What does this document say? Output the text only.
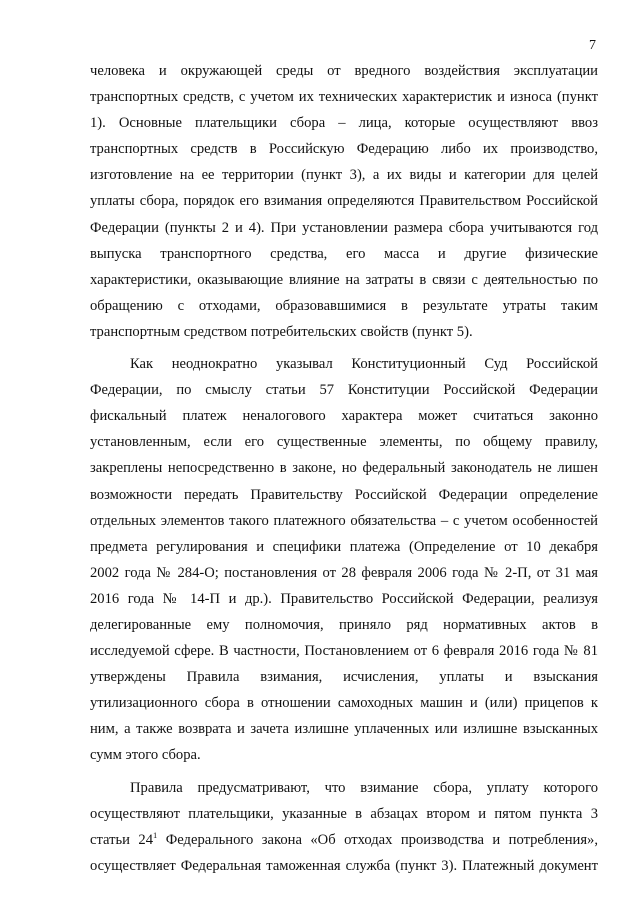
7
человека и окружающей среды от вредного воздействия эксплуатации
транспортных средств, с учетом их технических характеристик и износа (пункт
1). Основные плательщики сбора – лица, которые осуществляют ввоз
транспортных средств в Российскую Федерацию либо их производство,
изготовление на ее территории (пункт 3), а их виды и категории для целей
уплаты сбора, порядок его взимания определяются Правительством Российской
Федерации (пункты 2 и 4). При установлении размера сбора учитываются год
выпуска транспортного средства, его масса и другие физические
характеристики, оказывающие влияние на затраты в связи с деятельностью по
обращению с отходами, образовавшимися в результате утраты таким
транспортным средством потребительских свойств (пункт 5).
Как неоднократно указывал Конституционный Суд Российской
Федерации, по смыслу статьи 57 Конституции Российской Федерации
фискальный платеж неналогового характера может считаться законно
установленным, если его существенные элементы, по общему правилу,
закреплены непосредственно в законе, но федеральный законодатель не лишен
возможности передать Правительству Российской Федерации определение
отдельных элементов такого платежного обязательства – с учетом особенностей
предмета регулирования и специфики платежа (Определение от 10 декабря
2002 года № 284-О; постановления от 28 февраля 2006 года № 2-П, от 31 мая
2016 года № 14-П и др.). Правительство Российской Федерации, реализуя
делегированные ему полномочия, приняло ряд нормативных актов в
исследуемой сфере. В частности, Постановлением от 6 февраля 2016 года № 81
утверждены Правила взимания, исчисления, уплаты и взыскания
утилизационного сбора в отношении самоходных машин и (или) прицепов к
ним, а также возврата и зачета излишне уплаченных или излишне взысканных
сумм этого сбора.
Правила предусматривают, что взимание сбора, уплату которого
осуществляют плательщики, указанные в абзацах втором и пятом пункта 3
статьи $24^1$ Федерального закона «Об отходах производства и потребления»,
осуществляет Федеральная таможенная служба (пункт 3). Платежный документ
